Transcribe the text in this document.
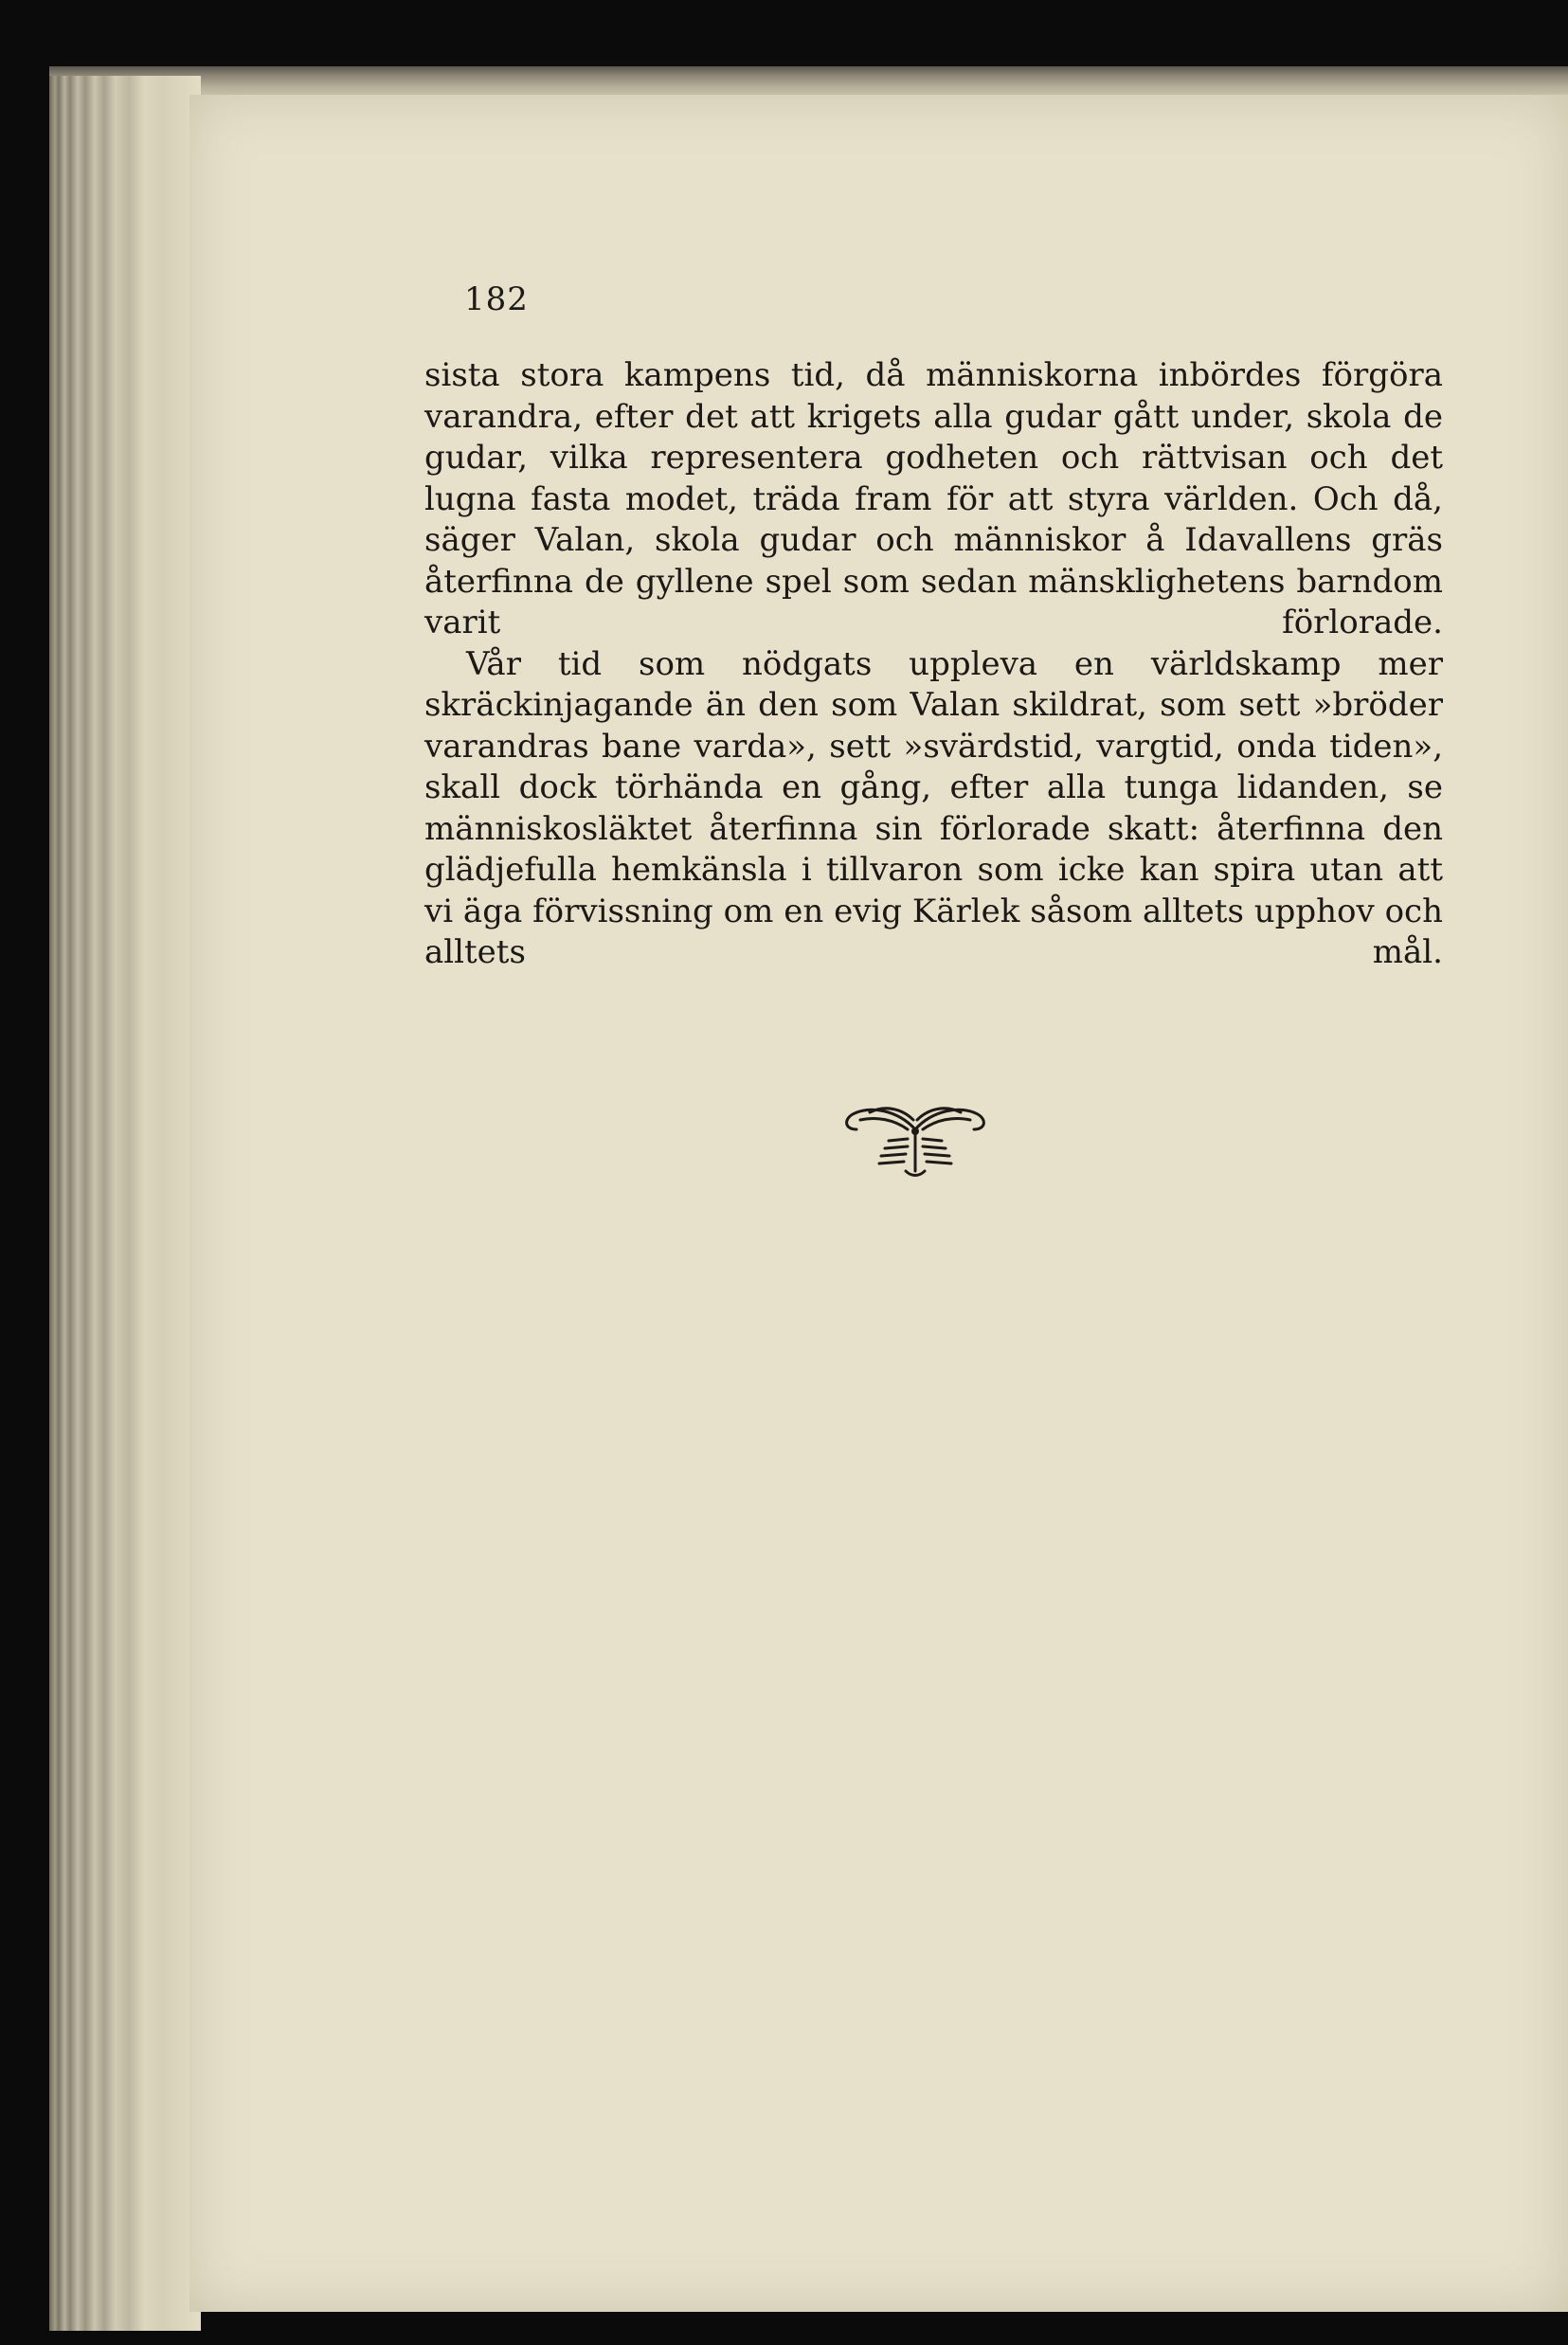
182

sista stora kampens tid, då människorna inbördes förgöra varandra, efter det att krigets alla gudar gått under, skola de gudar, vilka representera godheten och rättvisan och det lugna fasta modet, träda fram för att styra världen. Och då, säger Valan, skola gudar och människor å Idavallens gräs återfinna de gyllene spel som sedan mänsklighetens barndom varit förlorade.

Vår tid som nödgats uppleva en världskamp mer skräckinjagande än den som Valan skildrat, som sett »bröder varandras bane varda», sett »svärdstid, vargtid, onda tiden», skall dock törhända en gång, efter alla tunga lidanden, se människosläktet återfinna sin förlorade skatt: återfinna den glädjefulla hemkänsla i tillvaron som icke kan spira utan att vi äga förvissning om en evig Kärlek såsom alltets upphov och alltets mål.
